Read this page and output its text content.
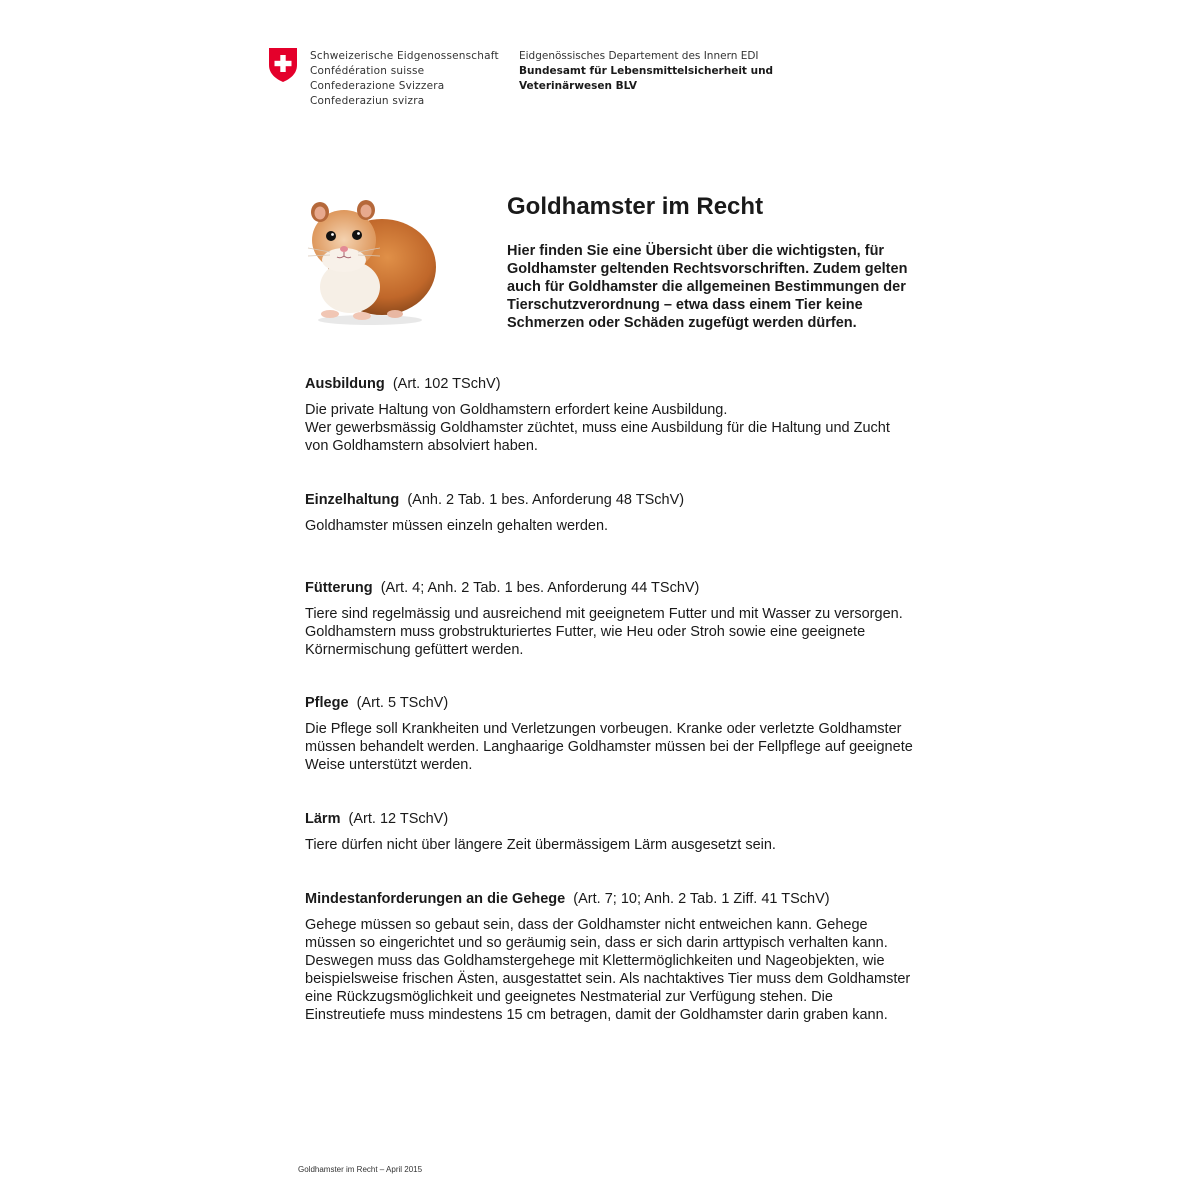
Schweizerische Eidgenossenschaft
Confédération suisse
Confederazione Svizzera
Confederaziun svizra
Eidgenössisches Departement des Innern EDI
Bundesamt für Lebensmittelsicherheit und
Veterinärwesen BLV
Goldhamster im Recht

Hier finden Sie eine Übersicht über die wichtigsten, für Goldhamster geltenden Rechtsvorschriften. Zudem gelten auch für Goldhamster die allgemeinen Bestimmungen der Tierschutzverordnung – etwa dass einem Tier keine Schmerzen oder Schäden zugefügt werden dürfen.

Ausbildung (Art. 102 TSchV)

Die private Haltung von Goldhamstern erfordert keine Ausbildung.
Wer gewerbsmässig Goldhamster züchtet, muss eine Ausbildung für die Haltung und Zucht
von Goldhamstern absolviert haben.

Einzelhaltung (Anh. 2 Tab. 1 bes. Anforderung 48 TSchV)

Goldhamster müssen einzeln gehalten werden.

Fütterung (Art. 4; Anh. 2 Tab. 1 bes. Anforderung 44 TSchV)

Tiere sind regelmässig und ausreichend mit geeignetem Futter und mit Wasser zu versorgen.
Goldhamstern muss grobstrukturiertes Futter, wie Heu oder Stroh sowie eine geeignete
Körnermischung gefüttert werden.

Pflege (Art. 5 TSchV)

Die Pflege soll Krankheiten und Verletzungen vorbeugen. Kranke oder verletzte Goldhamster
müssen behandelt werden. Langhaarige Goldhamster müssen bei der Fellpflege auf geeignete
Weise unterstützt werden.

Lärm (Art. 12 TSchV)

Tiere dürfen nicht über längere Zeit übermässigem Lärm ausgesetzt sein.

Mindestanforderungen an die Gehege (Art. 7; 10; Anh. 2 Tab. 1 Ziff. 41 TSchV)

Gehege müssen so gebaut sein, dass der Goldhamster nicht entweichen kann. Gehege
müssen so eingerichtet und so geräumig sein, dass er sich darin arttypisch verhalten kann.
Deswegen muss das Goldhamstergehege mit Klettermöglichkeiten und Nageobjekten, wie
beispielsweise frischen Ästen, ausgestattet sein. Als nachtaktives Tier muss dem Goldhamster
eine Rückzugsmöglichkeit und geeignetes Nestmaterial zur Verfügung stehen. Die
Einstreutiefe muss mindestens 15 cm betragen, damit der Goldhamster darin graben kann.

Goldhamster im Recht – April 2015
